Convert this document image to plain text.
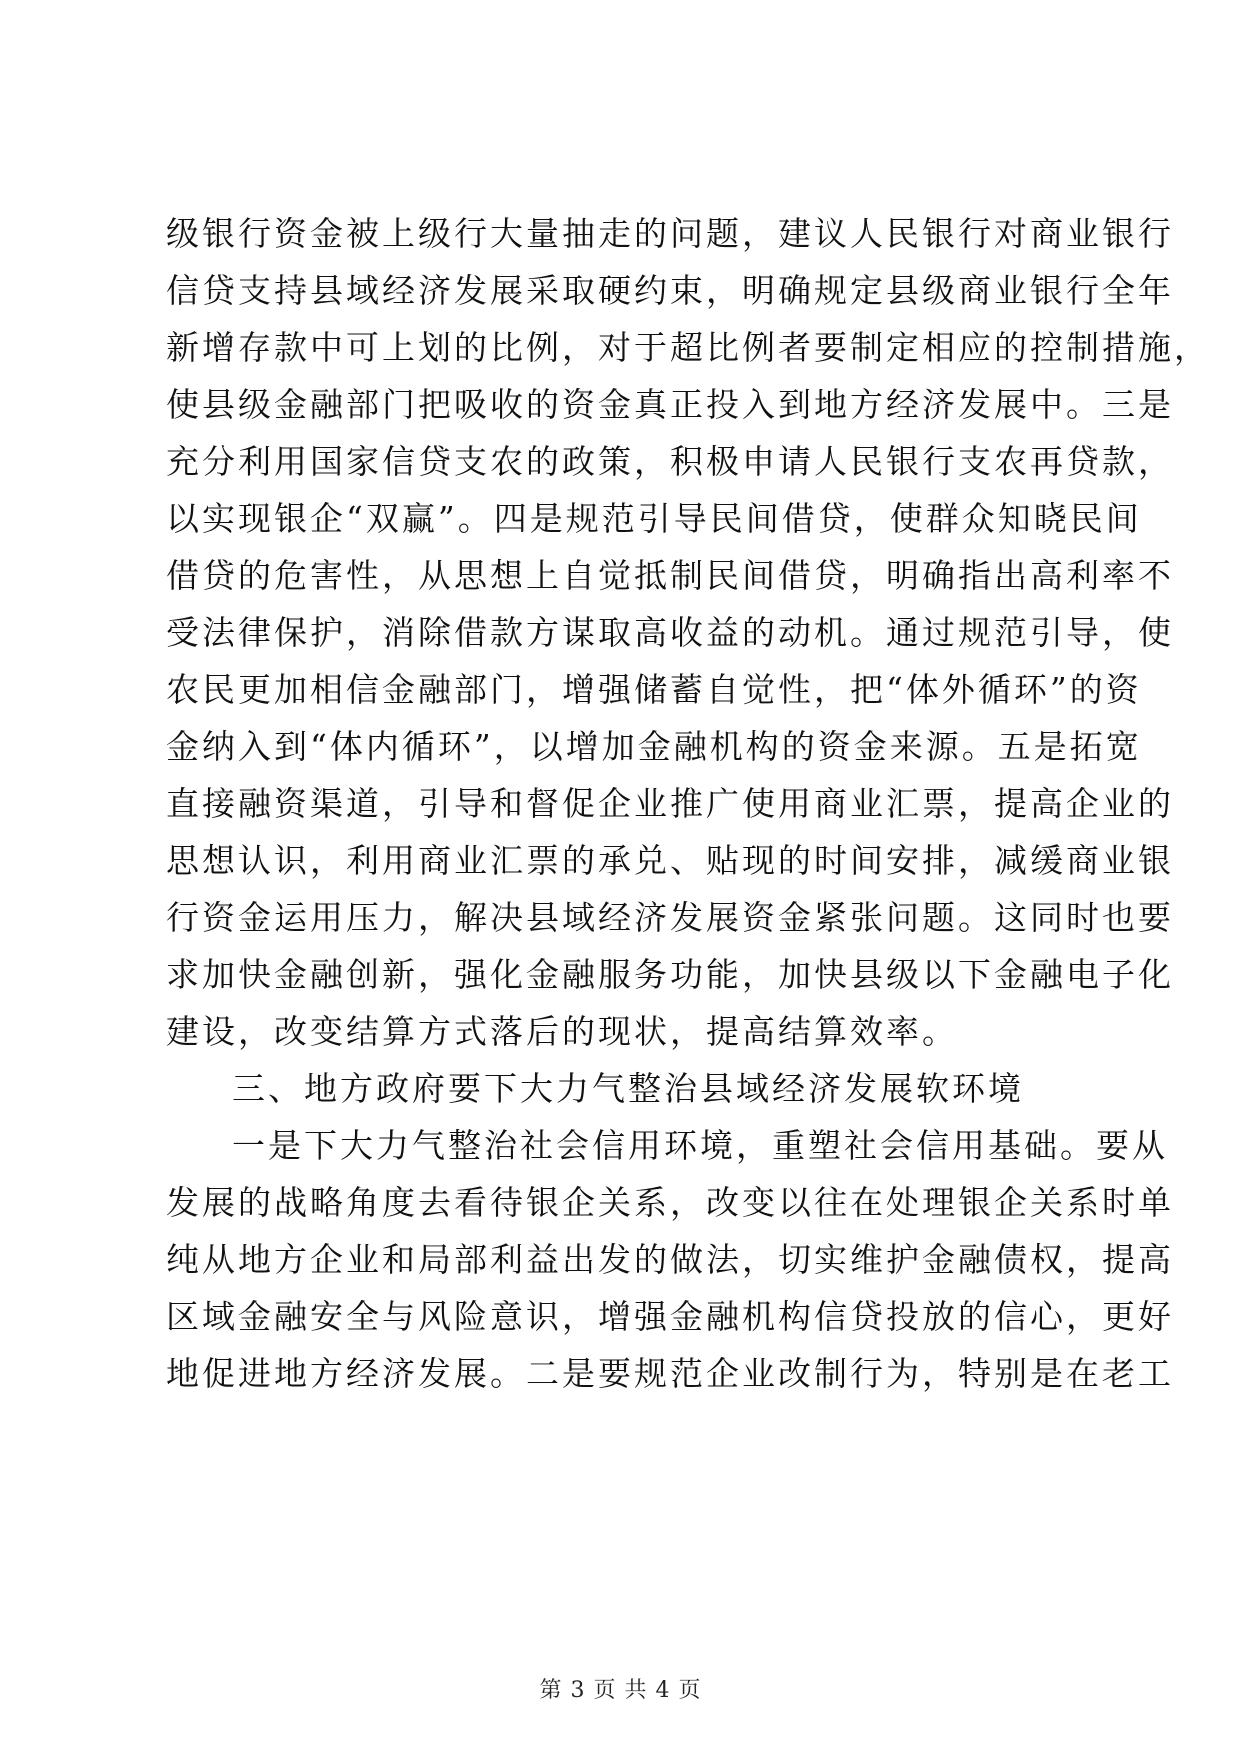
级银行资金被上级行大量抽走的问题，建议人民银行对商业银行
信贷支持县域经济发展采取硬约束，明确规定县级商业银行全年
新增存款中可上划的比例，对于超比例者要制定相应的控制措施，
使县级金融部门把吸收的资金真正投入到地方经济发展中。三是
充分利用国家信贷支农的政策，积极申请人民银行支农再贷款，
以实现银企“双赢”。四是规范引导民间借贷，使群众知晓民间
借贷的危害性，从思想上自觉抵制民间借贷，明确指出高利率不
受法律保护，消除借款方谋取高收益的动机。通过规范引导，使
农民更加相信金融部门，增强储蓄自觉性，把“体外循环”的资
金纳入到“体内循环”，以增加金融机构的资金来源。五是拓宽
直接融资渠道，引导和督促企业推广使用商业汇票，提高企业的
思想认识，利用商业汇票的承兑、贴现的时间安排，减缓商业银
行资金运用压力，解决县域经济发展资金紧张问题。这同时也要
求加快金融创新，强化金融服务功能，加快县级以下金融电子化
建设，改变结算方式落后的现状，提高结算效率。
三、地方政府要下大力气整治县域经济发展软环境
一是下大力气整治社会信用环境，重塑社会信用基础。要从
发展的战略角度去看待银企关系，改变以往在处理银企关系时单
纯从地方企业和局部利益出发的做法，切实维护金融债权，提高
区域金融安全与风险意识，增强金融机构信贷投放的信心，更好
地促进地方经济发展。二是要规范企业改制行为，特别是在老工
第 3 页 共 4 页
